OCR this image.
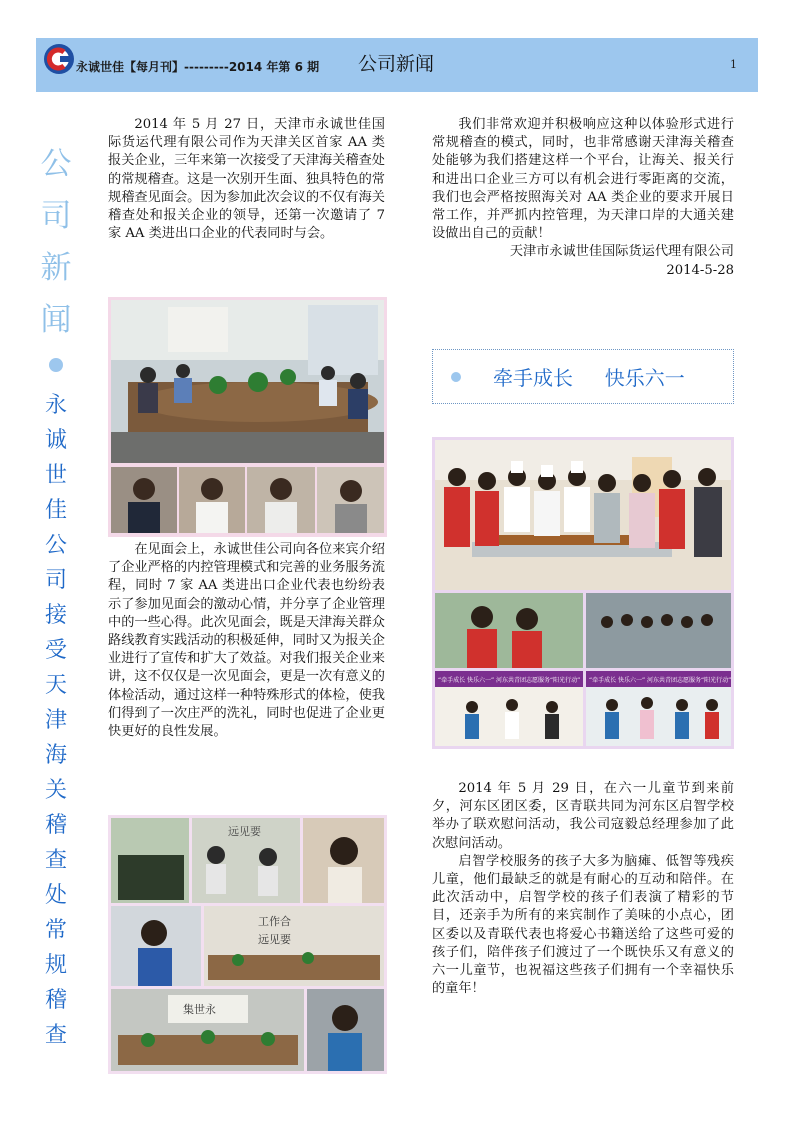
永诚世佳【每月刊】---------2014 年第 6 期 公司新闻	1
公
司
新
闻
永
诚
世
佳
公
司
接
受
天
津
海
关
稽
查
处
常
规
稽
查

2014 年 5 月 27 日，天津市永诚世佳国际货运代理有限公司作为天津关区首家 AA 类报关企业，三年来第一次接受了天津海关稽查处的常规稽查。这是一次别开生面、独具特色的常规稽查见面会。因为参加此次会议的不仅有海关稽查处和报关企业的领导，还第一次邀请了 7 家 AA 类进出口企业的代表同时与会。

在见面会上，永诚世佳公司向各位来宾介绍了企业严格的内控管理模式和完善的业务服务流程，同时 7 家 AA 类进出口企业代表也纷纷表示了参加见面会的激动心情，并分享了企业管理中的一些心得。此次见面会，既是天津海关群众路线教育实践活动的积极延伸，同时又为报关企业进行了宣传和扩大了效益。对我们报关企业来讲，这不仅仅是一次见面会，更是一次有意义的体检活动，通过这样一种特殊形式的体检，使我们得到了一次庄严的洗礼，同时也促进了企业更快更好的良性发展。

远见要
工作合
远见要
集世永

我们非常欢迎并积极响应这种以体验形式进行常规稽查的模式，同时，也非常感谢天津海关稽查处能够为我们搭建这样一个平台，让海关、报关行和进出口企业三方可以有机会进行零距离的交流，我们也会严格按照海关对 AA 类企业的要求开展日常工作，并严抓内控管理，为天津口岸的大通关建设做出自己的贡献！

天津市永诚世佳国际货运代理有限公司

2014-5-28

牵手成长     快乐六一
“牵手成长 快乐六一” 河东共青团志愿服务“阳光行动” “牵手成长 快乐六一” 河东共青团志愿服务“阳光行动”

2014 年 5 月 29 日，在六一儿童节到来前夕，河东区团区委，区青联共同为河东区启智学校举办了联欢慰问活动，我公司寇毅总经理参加了此次慰问活动。

启智学校服务的孩子大多为脑瘫、低智等残疾儿童，他们最缺乏的就是有耐心的互动和陪伴。在此次活动中，启智学校的孩子们表演了精彩的节目，还亲手为所有的来宾制作了美味的小点心，团区委以及青联代表也将爱心书籍送给了这些可爱的孩子们，陪伴孩子们渡过了一个既快乐又有意义的六一儿童节，也祝福这些孩子们拥有一个幸福快乐的童年！
